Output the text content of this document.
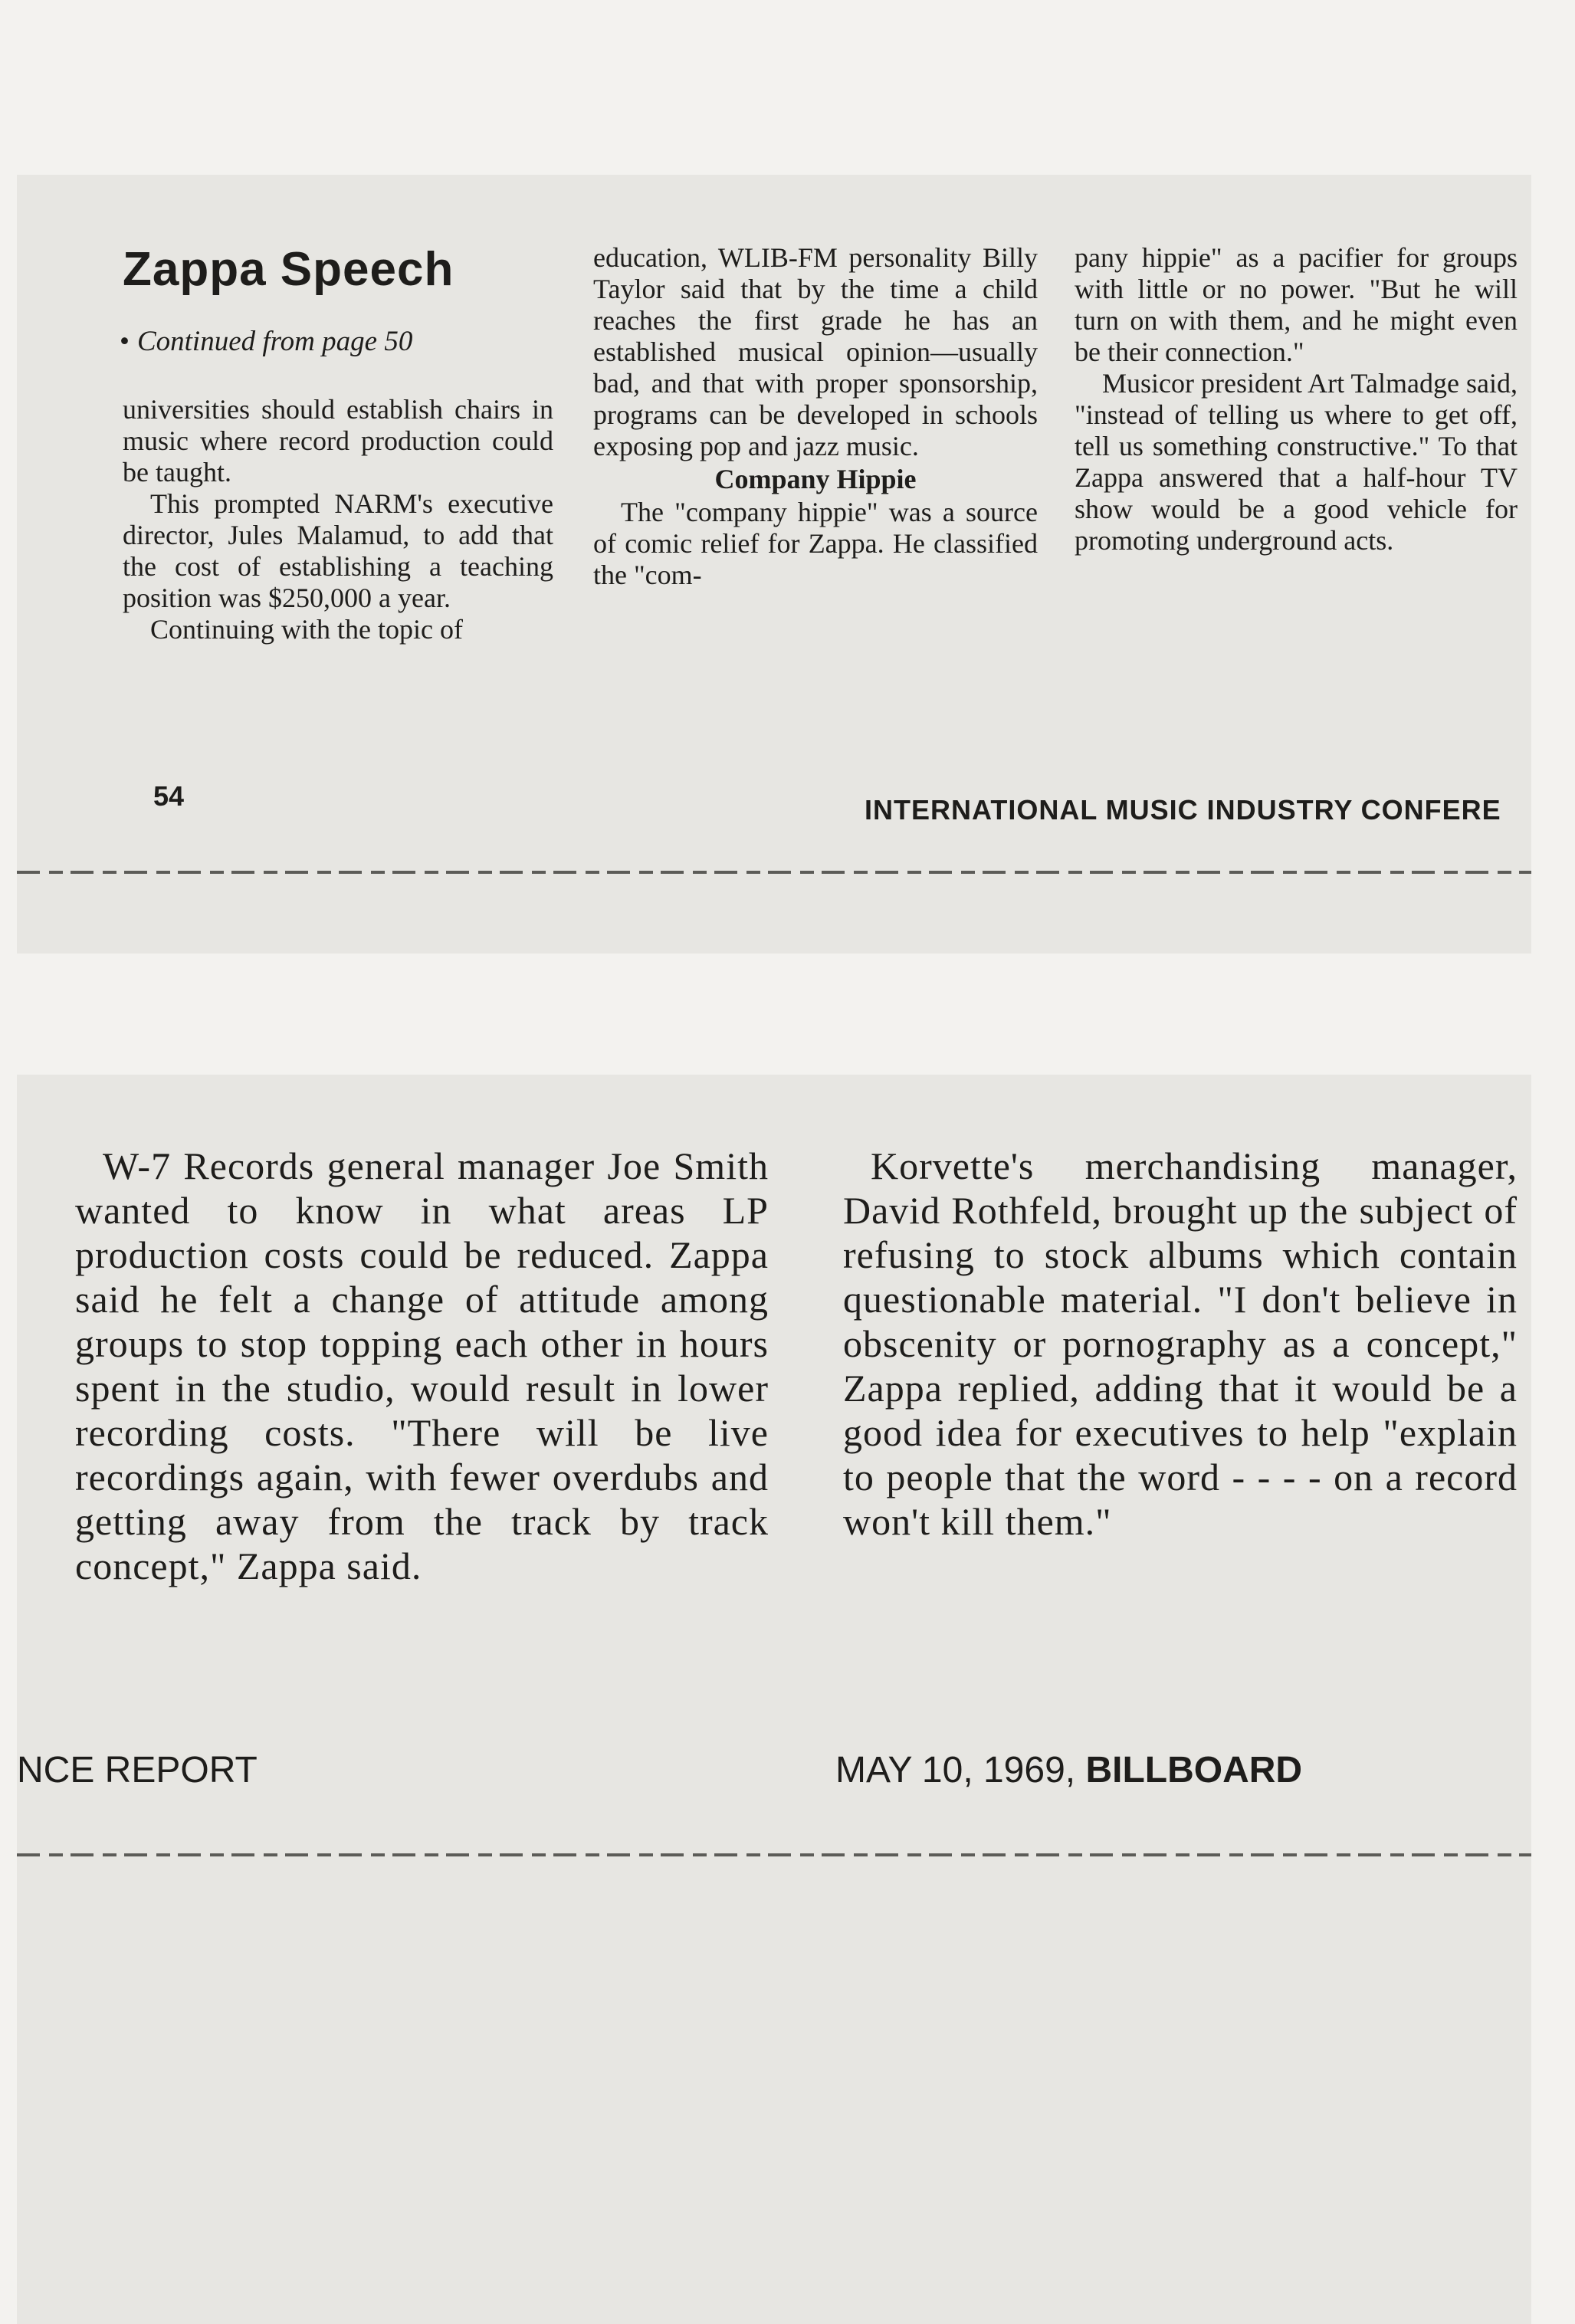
Zappa Speech

• Continued from page 50

universities should establish chairs in music where record production could be taught.

This prompted NARM's executive director, Jules Malamud, to add that the cost of establishing a teaching position was $250,000 a year.

Continuing with the topic of

education, WLIB-FM personality Billy Taylor said that by the time a child reaches the first grade he has an established musical opinion—usually bad, and that with proper sponsorship, programs can be developed in schools exposing pop and jazz music.

Company Hippie

The "company hippie" was a source of comic relief for Zappa. He classified the "com-

pany hippie" as a pacifier for groups with little or no power. "But he will turn on with them, and he might even be their connection."

Musicor president Art Talmadge said, "instead of telling us where to get off, tell us something constructive." To that Zappa answered that a half-hour TV show would be a good vehicle for promoting underground acts.

54	INTERNATIONAL MUSIC INDUSTRY CONFERE

W-7 Records general manager Joe Smith wanted to know in what areas LP production costs could be reduced. Zappa said he felt a change of attitude among groups to stop topping each other in hours spent in the studio, would result in lower recording costs. "There will be live recordings again, with fewer overdubs and getting away from the track by track concept," Zappa said.

Korvette's merchandising manager, David Rothfeld, brought up the subject of refusing to stock albums which contain questionable material. "I don't believe in obscenity or pornography as a concept," Zappa replied, adding that it would be a good idea for executives to help "explain to people that the word - - - - on a record won't kill them."

NCE REPORT	MAY 10, 1969, BILLBOARD
